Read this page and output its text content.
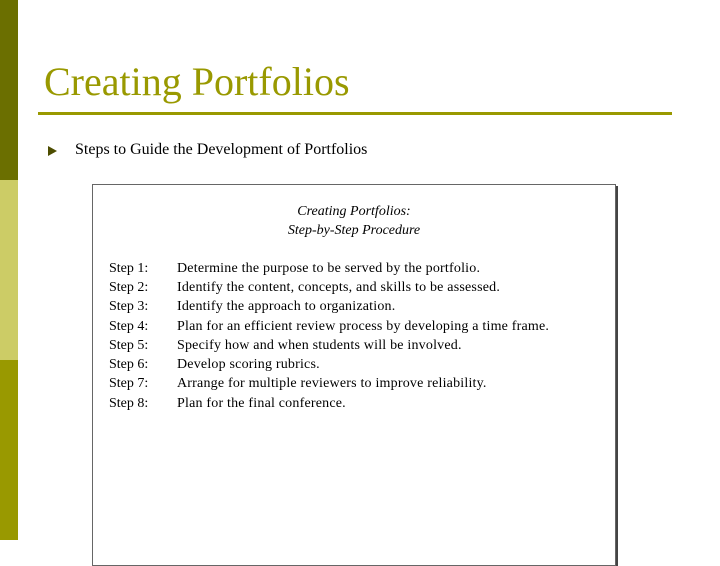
Creating Portfolios
Steps to Guide the Development of Portfolios
Creating Portfolios:
Step-by-Step Procedure
Step 1:	Determine the purpose to be served by the portfolio.
Step 2:	Identify the content, concepts, and skills to be assessed.
Step 3:	Identify the approach to organization.
Step 4:	Plan for an efficient review process by developing a time frame.
Step 5:	Specify how and when students will be involved.
Step 6:	Develop scoring rubrics.
Step 7:	Arrange for multiple reviewers to improve reliability.
Step 8:	Plan for the final conference.
